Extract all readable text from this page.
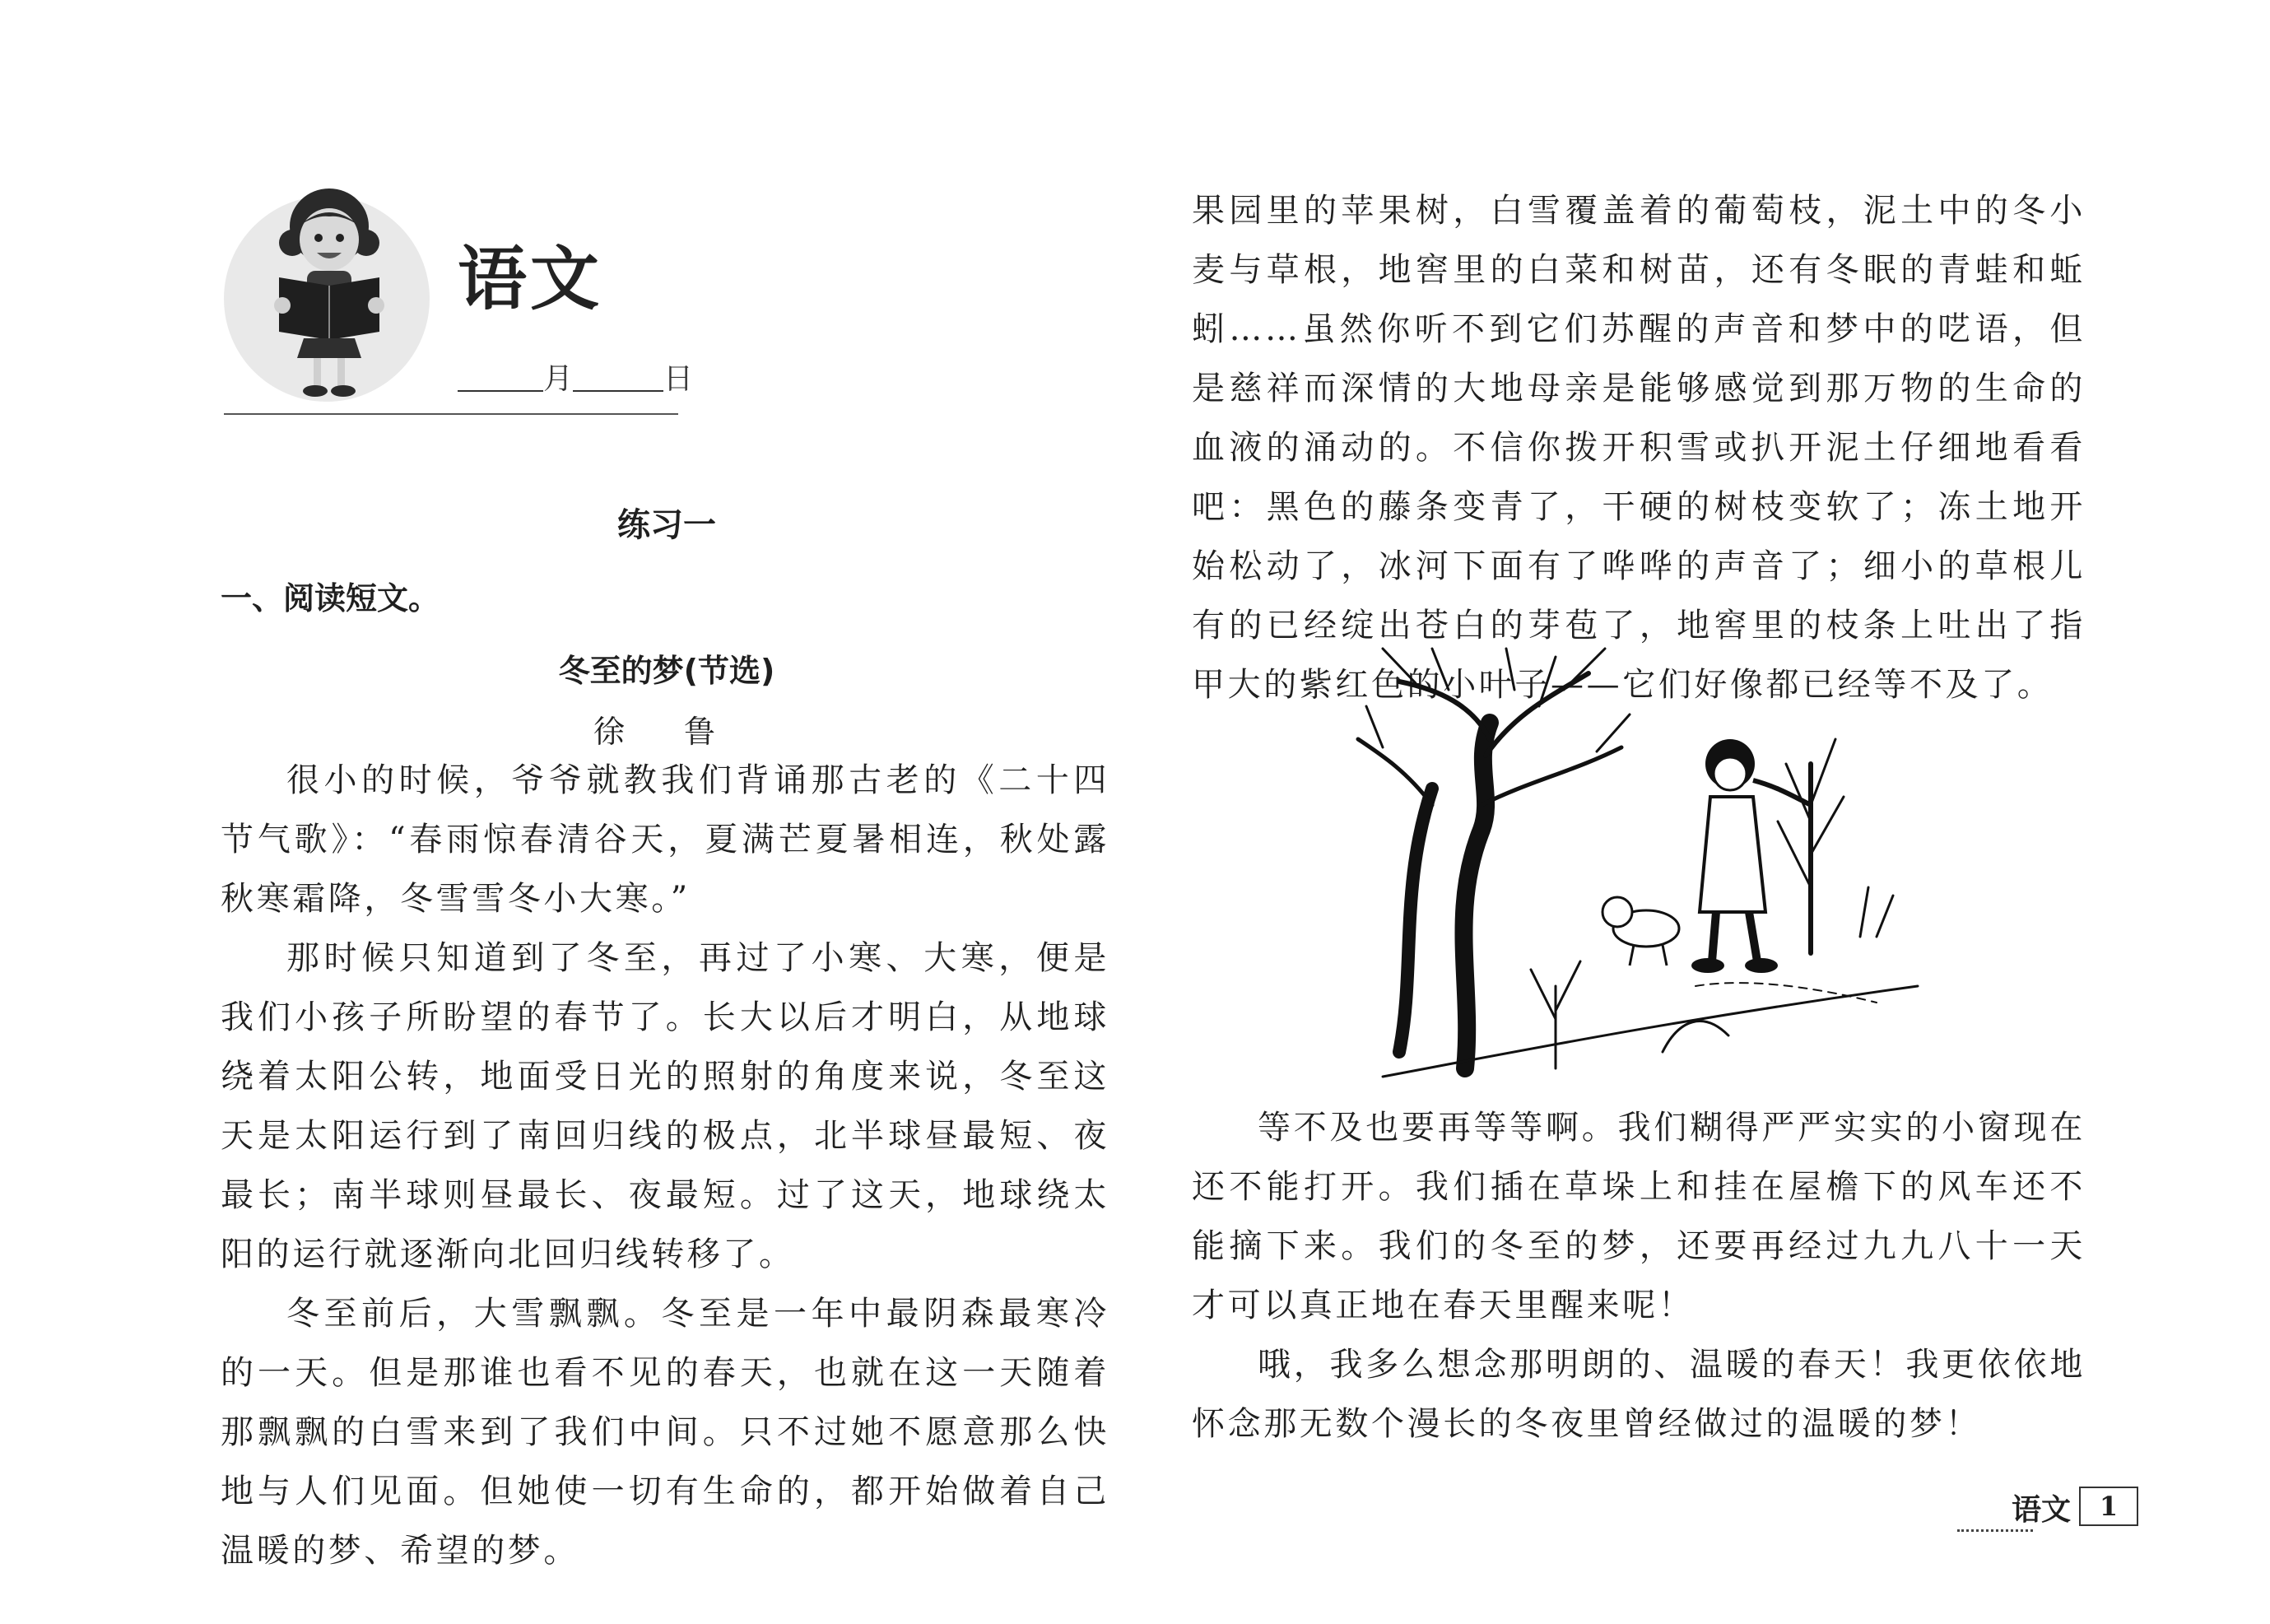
语文

月	日

练习一
一、阅读短文。
冬至的梦(节选)

徐 鲁

很小的时候，爷爷就教我们背诵那古老的《二十四节气歌》：“春雨惊春清谷天，夏满芒夏暑相连，秋处露秋寒霜降，冬雪雪冬小大寒。”

那时候只知道到了冬至，再过了小寒、大寒，便是我们小孩子所盼望的春节了。长大以后才明白，从地球绕着太阳公转，地面受日光的照射的角度来说，冬至这天是太阳运行到了南回归线的极点，北半球昼最短、夜最长；南半球则昼最长、夜最短。过了这天，地球绕太阳的运行就逐渐向北回归线转移了。

冬至前后，大雪飘飘。冬至是一年中最阴森最寒冷的一天。但是那谁也看不见的春天，也就在这一天随着那飘飘的白雪来到了我们中间。只不过她不愿意那么快地与人们见面。但她使一切有生命的，都开始做着自己温暖的梦、希望的梦。

果园里的苹果树，白雪覆盖着的葡萄枝，泥土中的冬小麦与草根，地窖里的白菜和树苗，还有冬眠的青蛙和蚯蚓……虽然你听不到它们苏醒的声音和梦中的呓语，但是慈祥而深情的大地母亲是能够感觉到那万物的生命的血液的涌动的。不信你拨开积雪或扒开泥土仔细地看看吧：黑色的藤条变青了，干硬的树枝变软了；冻土地开始松动了，冰河下面有了哗哗的声音了；细小的草根儿有的已经绽出苍白的芽苞了，地窖里的枝条上吐出了指甲大的紫红色的小叶子——它们好像都已经等不及了。

等不及也要再等等啊。我们糊得严严实实的小窗现在还不能打开。我们插在草垛上和挂在屋檐下的风车还不能摘下来。我们的冬至的梦，还要再经过九九八十一天才可以真正地在春天里醒来呢！

哦，我多么想念那明朗的、温暖的春天！我更依依地怀念那无数个漫长的冬夜里曾经做过的温暖的梦！

语文	1
